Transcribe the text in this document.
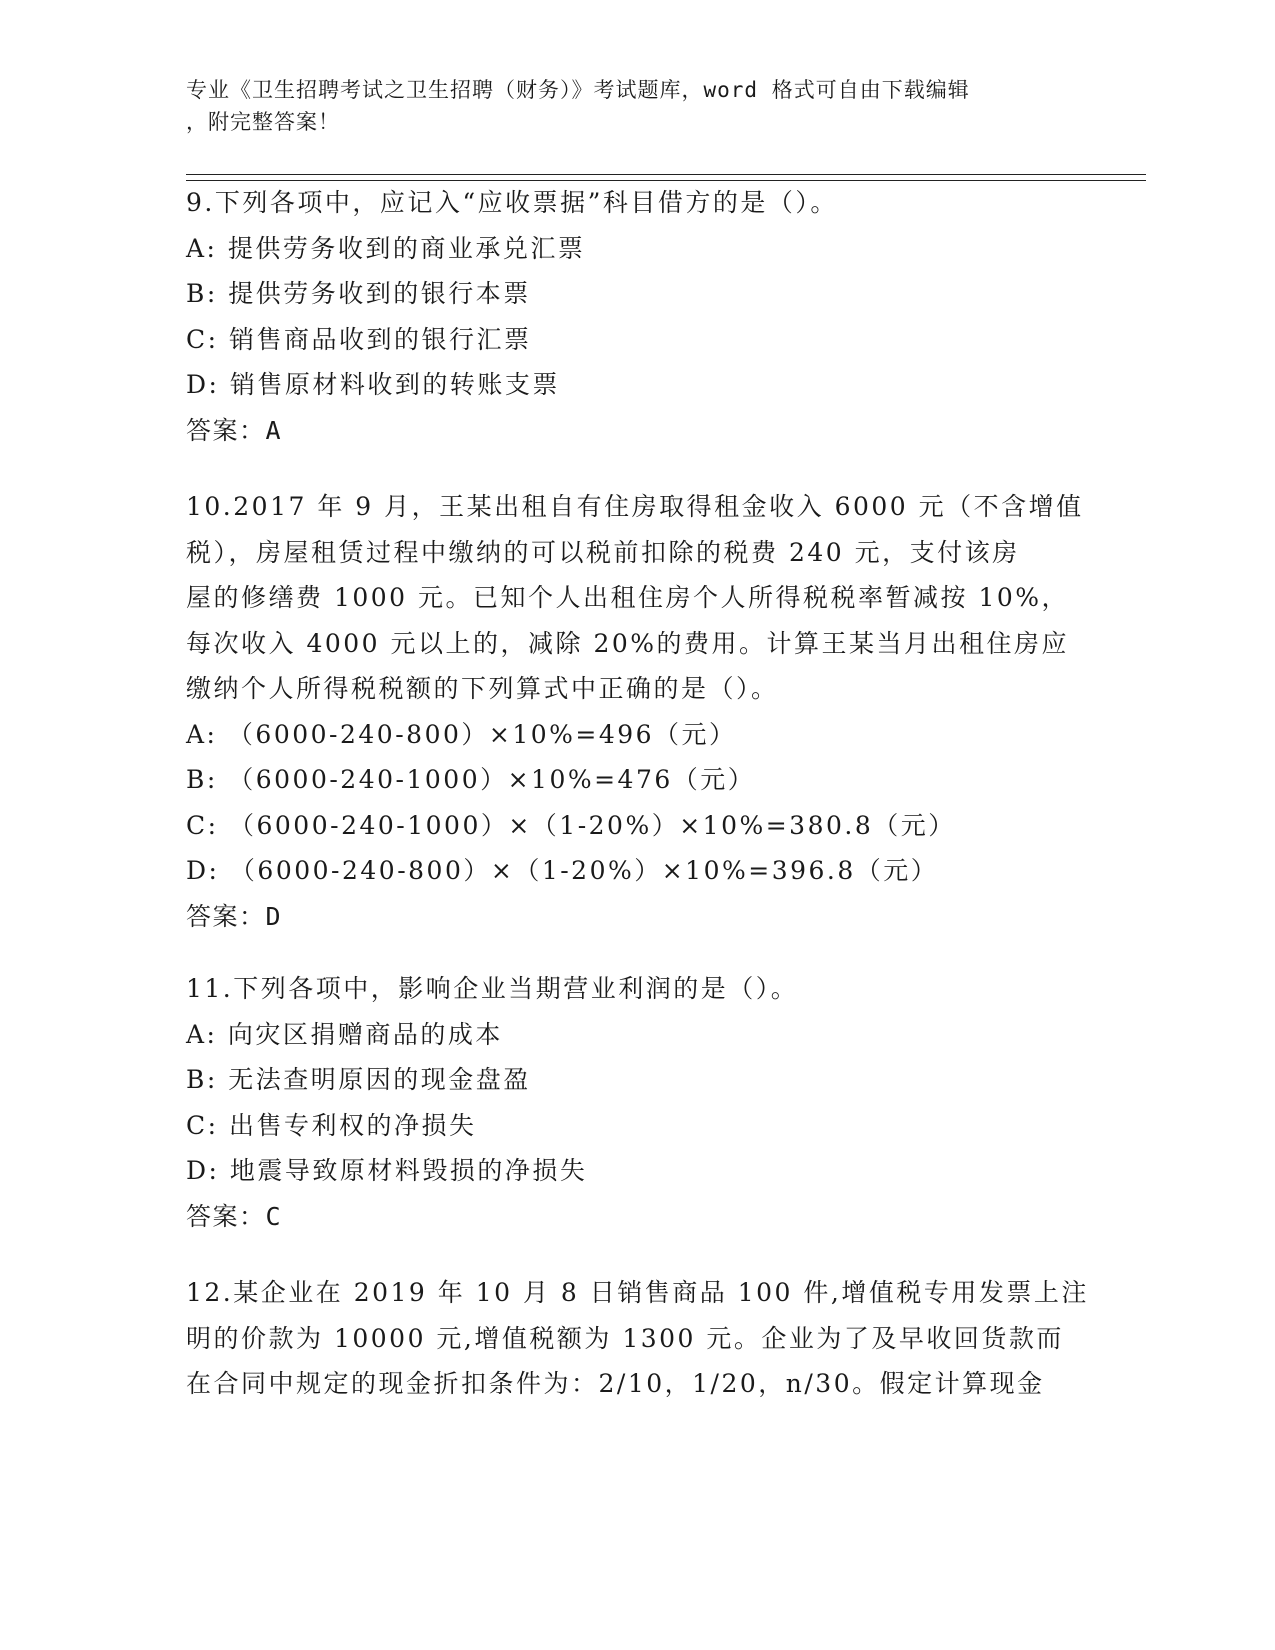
专业《卫生招聘考试之卫生招聘（财务）》考试题库，word 格式可自由下载编辑
，附完整答案！
9.下列各项中，应记入“应收票据”科目借方的是（）。
A: 提供劳务收到的商业承兑汇票
B: 提供劳务收到的银行本票
C: 销售商品收到的银行汇票
D: 销售原材料收到的转账支票
答案：A
10.2017 年 9 月，王某出租自有住房取得租金收入 6000 元（不含增值
税），房屋租赁过程中缴纳的可以税前扣除的税费 240 元，支付该房
屋的修缮费 1000 元。已知个人出租住房个人所得税税率暂减按 10%，
每次收入 4000 元以上的，减除 20%的费用。计算王某当月出租住房应
缴纳个人所得税税额的下列算式中正确的是（）。
A: （6000-240-800）×10%=496（元）
B: （6000-240-1000）×10%=476（元）
C: （6000-240-1000）×（1-20%）×10%=380.8（元）
D: （6000-240-800）×（1-20%）×10%=396.8（元）
答案：D
11.下列各项中，影响企业当期营业利润的是（）。
A: 向灾区捐赠商品的成本
B: 无法查明原因的现金盘盈
C: 出售专利权的净损失
D: 地震导致原材料毁损的净损失
答案：C
12.某企业在 2019 年 10 月 8 日销售商品 100 件,增值税专用发票上注
明的价款为 10000 元,增值税额为 1300 元。企业为了及早收回货款而
在合同中规定的现金折扣条件为：2/10，1/20，n/30。假定计算现金
